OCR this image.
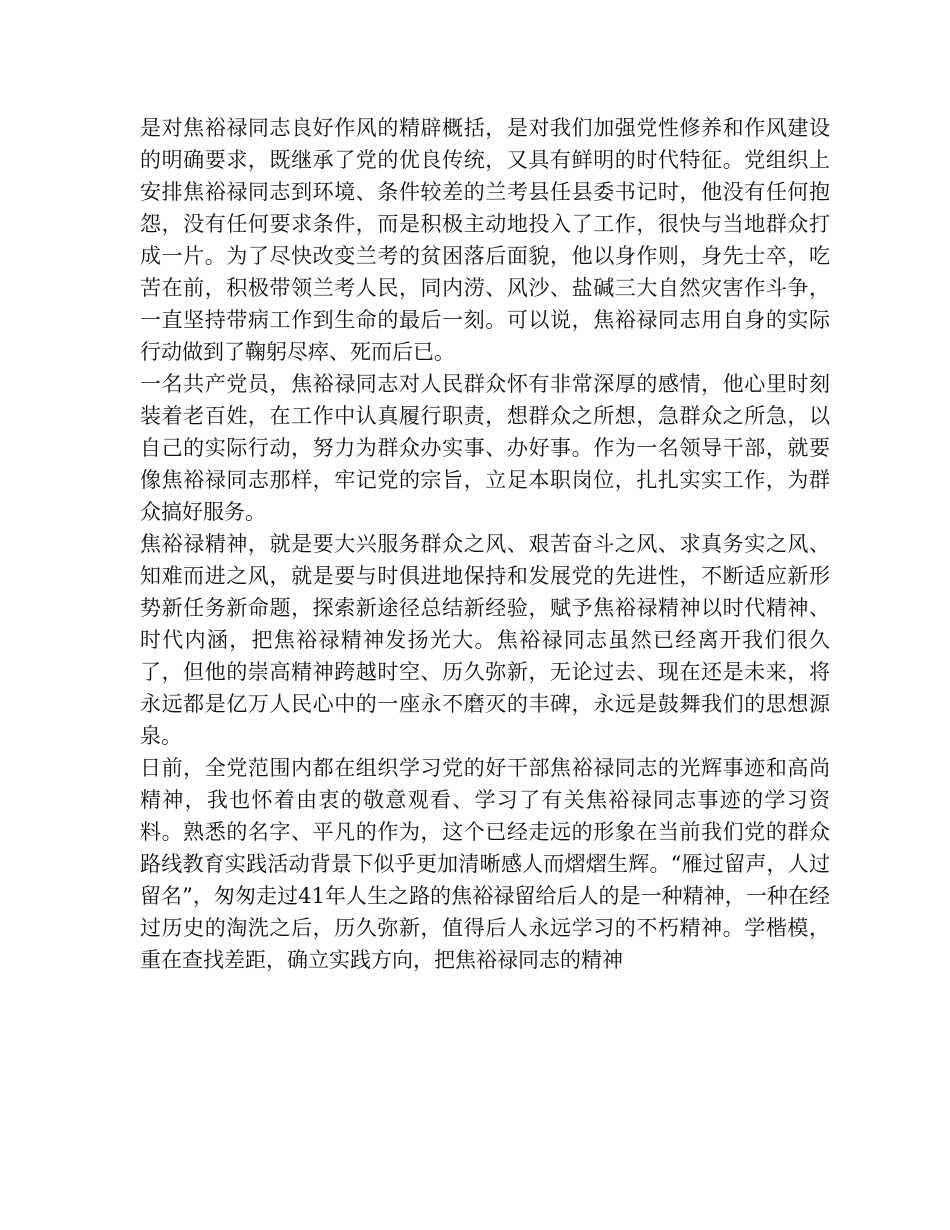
是对焦裕禄同志良好作风的精辟概括，是对我们加强党性修养和作风建设的明确要求，既继承了党的优良传统，又具有鲜明的时代特征。党组织上安排焦裕禄同志到环境、条件较差的兰考县任县委书记时，他没有任何抱怨，没有任何要求条件，而是积极主动地投入了工作，很快与当地群众打成一片。为了尽快改变兰考的贫困落后面貌，他以身作则，身先士卒，吃苦在前，积极带领兰考人民，同内涝、风沙、盐碱三大自然灾害作斗争，一直坚持带病工作到生命的最后一刻。可以说，焦裕禄同志用自身的实际行动做到了鞠躬尽瘁、死而后已。

一名共产党员，焦裕禄同志对人民群众怀有非常深厚的感情，他心里时刻装着老百姓，在工作中认真履行职责，想群众之所想，急群众之所急，以自己的实际行动，努力为群众办实事、办好事。作为一名领导干部，就要像焦裕禄同志那样，牢记党的宗旨，立足本职岗位，扎扎实实工作，为群众搞好服务。

焦裕禄精神，就是要大兴服务群众之风、艰苦奋斗之风、求真务实之风、知难而进之风，就是要与时俱进地保持和发展党的先进性，不断适应新形势新任务新命题，探索新途径总结新经验，赋予焦裕禄精神以时代精神、时代内涵，把焦裕禄精神发扬光大。焦裕禄同志虽然已经离开我们很久了，但他的崇高精神跨越时空、历久弥新，无论过去、现在还是未来，将永远都是亿万人民心中的一座永不磨灭的丰碑，永远是鼓舞我们的思想源泉。

日前，全党范围内都在组织学习党的好干部焦裕禄同志的光辉事迹和高尚精神，我也怀着由衷的敬意观看、学习了有关焦裕禄同志事迹的学习资料。熟悉的名字、平凡的作为，这个已经走远的形象在当前我们党的群众路线教育实践活动背景下似乎更加清晰感人而熠熠生辉。“雁过留声，人过留名”，匆匆走过41年人生之路的焦裕禄留给后人的是一种精神，一种在经过历史的淘洗之后，历久弥新，值得后人永远学习的不朽精神。学楷模，重在查找差距，确立实践方向，把焦裕禄同志的精神
